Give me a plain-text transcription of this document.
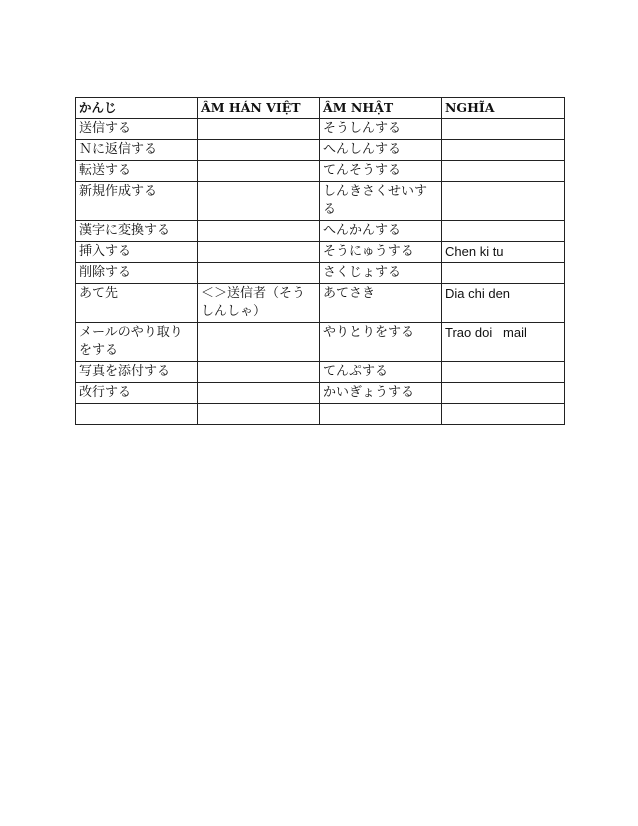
かんじ	ÂM HÁN VIỆT	ÂM NHẬT	NGHĨA
送信する		そうしんする	
Ｎに返信する		へんしんする	
転送する		てんそうする	
新規作成する		しんきさくせいする	
漢字に変換する		へんかんする	
挿入する		そうにゅうする	Chen ki tu
削除する		さくじょする	
あて先	＜＞送信者（そうしんしゃ）	あてさき	Dia chi den
メールのやり取りをする		やりとりをする	Trao doi   mail
写真を添付する		てんぷする	
改行する		かいぎょうする	
